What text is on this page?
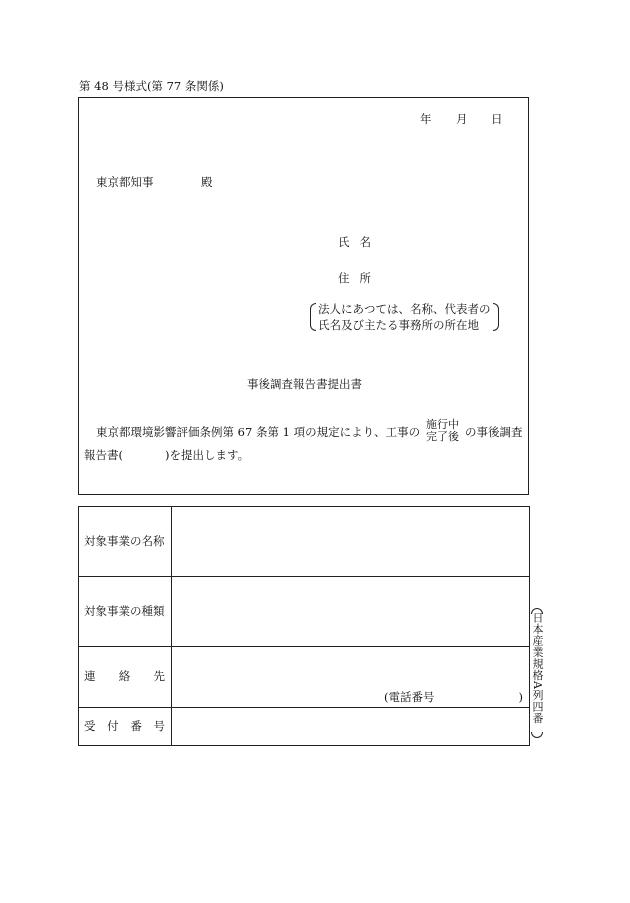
第 48 号様式(第 77 条関係)
年 月 日
東京都知事	殿
氏名
住所
法人にあつては、名称、代表者の
氏名及び主たる事務所の所在地
事後調査報告書提出書
東京都環境影響評価条例第 67 条第 1 項の規定により、工事の
施行中
完了後 の事後調査
報告書(	)を提出します。
対象事業の名称	
対象事業の種類	

連 絡 先	(電話番号 )

受 付 番 号	

日本産業規格A列四番
